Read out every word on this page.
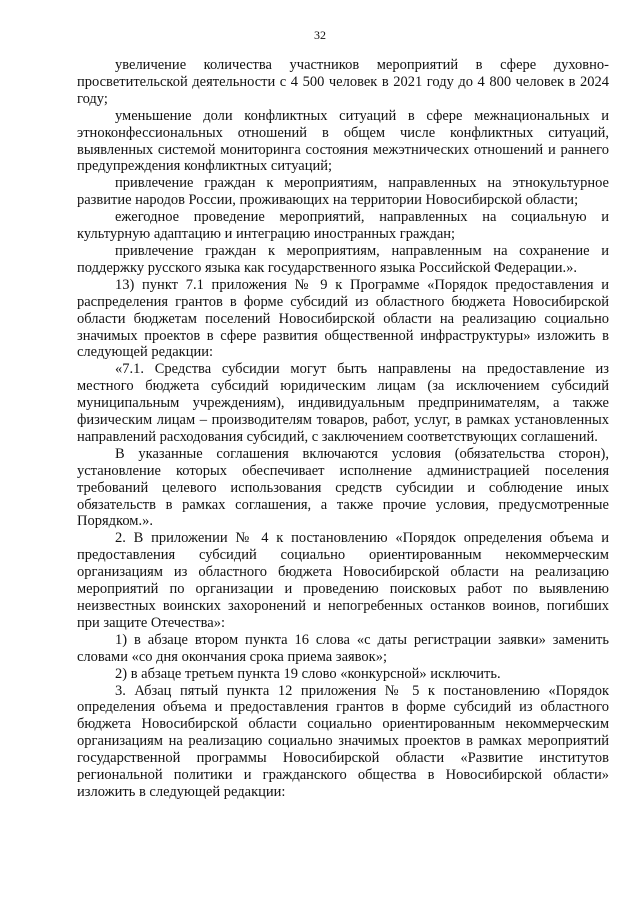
32

увеличение количества участников мероприятий в сфере духовно-просветительской деятельности с 4 500 человек в 2021 году до 4 800 человек в 2024 году;

уменьшение доли конфликтных ситуаций в сфере межнациональных и этноконфессиональных отношений в общем числе конфликтных ситуаций, выявленных системой мониторинга состояния межэтнических отношений и раннего предупреждения конфликтных ситуаций;

привлечение граждан к мероприятиям, направленных на этнокультурное развитие народов России, проживающих на территории Новосибирской области;

ежегодное проведение мероприятий, направленных на социальную и культурную адаптацию и интеграцию иностранных граждан;

привлечение граждан к мероприятиям, направленным на сохранение и поддержку русского языка как государственного языка Российской Федерации.».

13) пункт 7.1 приложения № 9 к Программе «Порядок предоставления и распределения грантов в форме субсидий из областного бюджета Новосибирской области бюджетам поселений Новосибирской области на реализацию социально значимых проектов в сфере развития общественной инфраструктуры» изложить в следующей редакции:

«7.1. Средства субсидии могут быть направлены на предоставление из местного бюджета субсидий юридическим лицам (за исключением субсидий муниципальным учреждениям), индивидуальным предпринимателям, а также физическим лицам – производителям товаров, работ, услуг, в рамках установленных направлений расходования субсидий, с заключением соответствующих соглашений.

В указанные соглашения включаются условия (обязательства сторон), установление которых обеспечивает исполнение администрацией поселения требований целевого использования средств субсидии и соблюдение иных обязательств в рамках соглашения, а также прочие условия, предусмотренные Порядком.».

2. В приложении № 4 к постановлению «Порядок определения объема и предоставления субсидий социально ориентированным некоммерческим организациям из областного бюджета Новосибирской области на реализацию мероприятий по организации и проведению поисковых работ по выявлению неизвестных воинских захоронений и непогребенных останков воинов, погибших при защите Отечества»:

1) в абзаце втором пункта 16 слова «с даты регистрации заявки» заменить словами «со дня окончания срока приема заявок»;

2) в абзаце третьем пункта 19 слово «конкурсной» исключить.

3. Абзац пятый пункта 12 приложения № 5 к постановлению «Порядок определения объема и предоставления грантов в форме субсидий из областного бюджета Новосибирской области социально ориентированным некоммерческим организациям на реализацию социально значимых проектов в рамках мероприятий государственной программы Новосибирской области «Развитие институтов региональной политики и гражданского общества в Новосибирской области» изложить в следующей редакции:
